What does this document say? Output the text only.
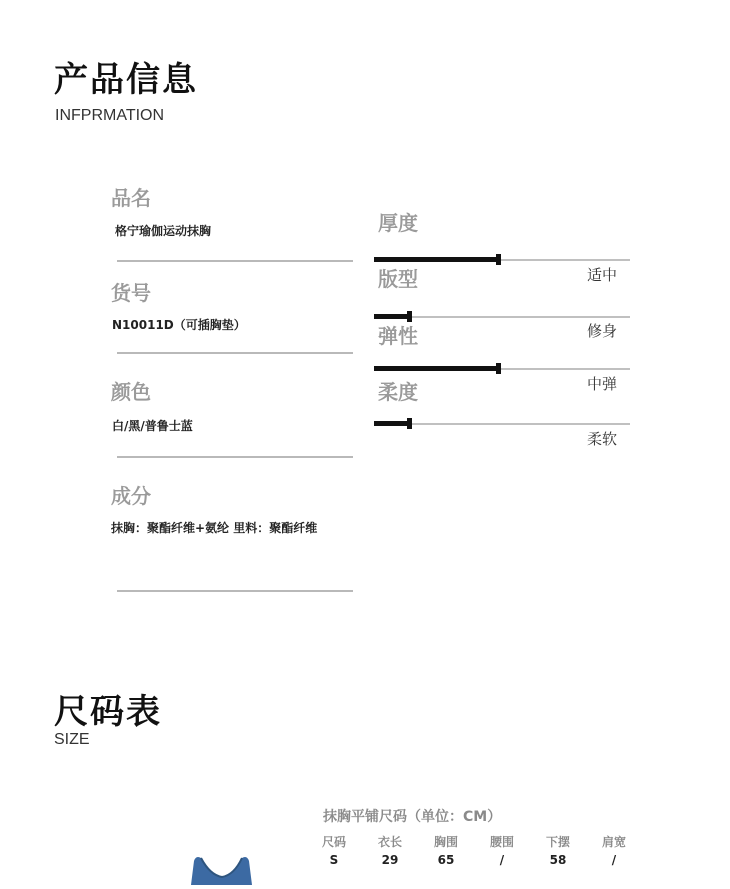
产品信息
INFPRMATION
品名
格宁瑜伽运动抹胸
货号
N10011D（可插胸垫）
颜色
白/黑/普鲁士蓝
成分
抹胸：聚酯纤维+氨纶 里料：聚酯纤维
厚度
适中
版型
修身
弹性
中弹
柔度
柔软
尺码表
SIZE
抹胸平铺尺码（单位：CM）
尺码	衣长	胸围	腰围	下摆	肩宽
S	29	65	/	58	/
